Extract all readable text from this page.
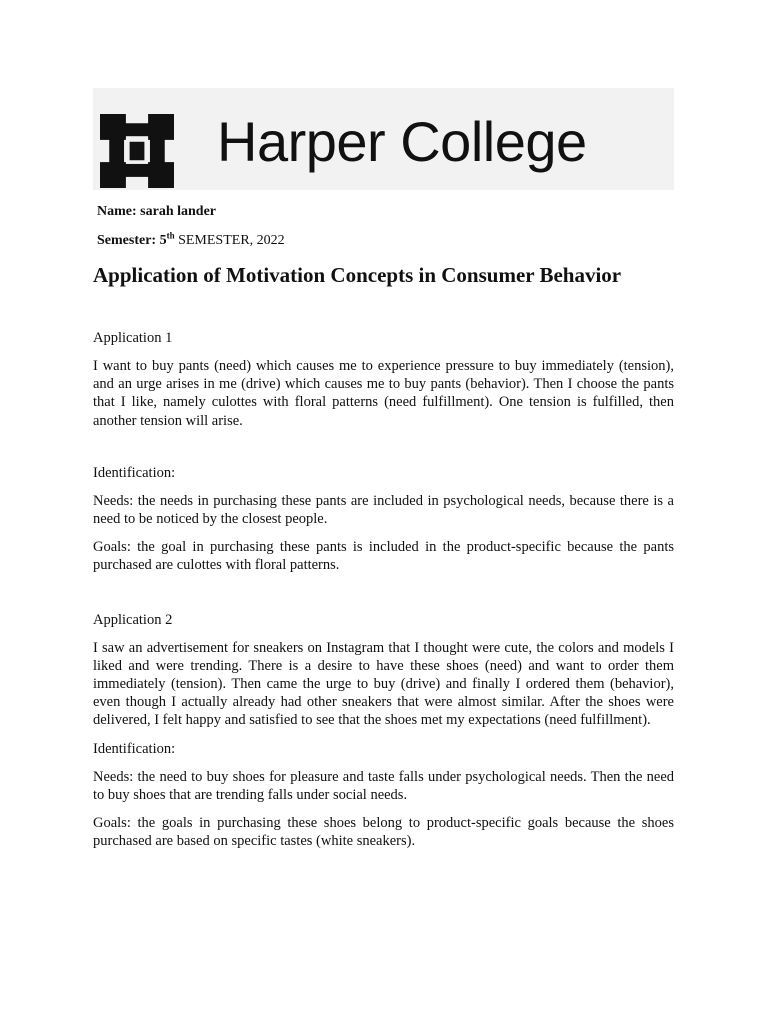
Harper College

Name: sarah lander

Semester: 5th SEMESTER, 2022

Application of Motivation Concepts in Consumer Behavior

Application 1

I want to buy pants (need) which causes me to experience pressure to buy immediately (tension), and an urge arises in me (drive) which causes me to buy pants (behavior). Then I choose the pants that I like, namely culottes with floral patterns (need fulfillment). One tension is fulfilled, then another tension will arise.

Identification:

Needs: the needs in purchasing these pants are included in psychological needs, because there is a need to be noticed by the closest people.

Goals: the goal in purchasing these pants is included in the product-specific because the pants purchased are culottes with floral patterns.

Application 2

I saw an advertisement for sneakers on Instagram that I thought were cute, the colors and models I liked and were trending. There is a desire to have these shoes (need) and want to order them immediately (tension). Then came the urge to buy (drive) and finally I ordered them (behavior), even though I actually already had other sneakers that were almost similar. After the shoes were delivered, I felt happy and satisfied to see that the shoes met my expectations (need fulfillment).

Identification:

Needs: the need to buy shoes for pleasure and taste falls under psychological needs. Then the need to buy shoes that are trending falls under social needs.

Goals: the goals in purchasing these shoes belong to product-specific goals because the shoes purchased are based on specific tastes (white sneakers).
